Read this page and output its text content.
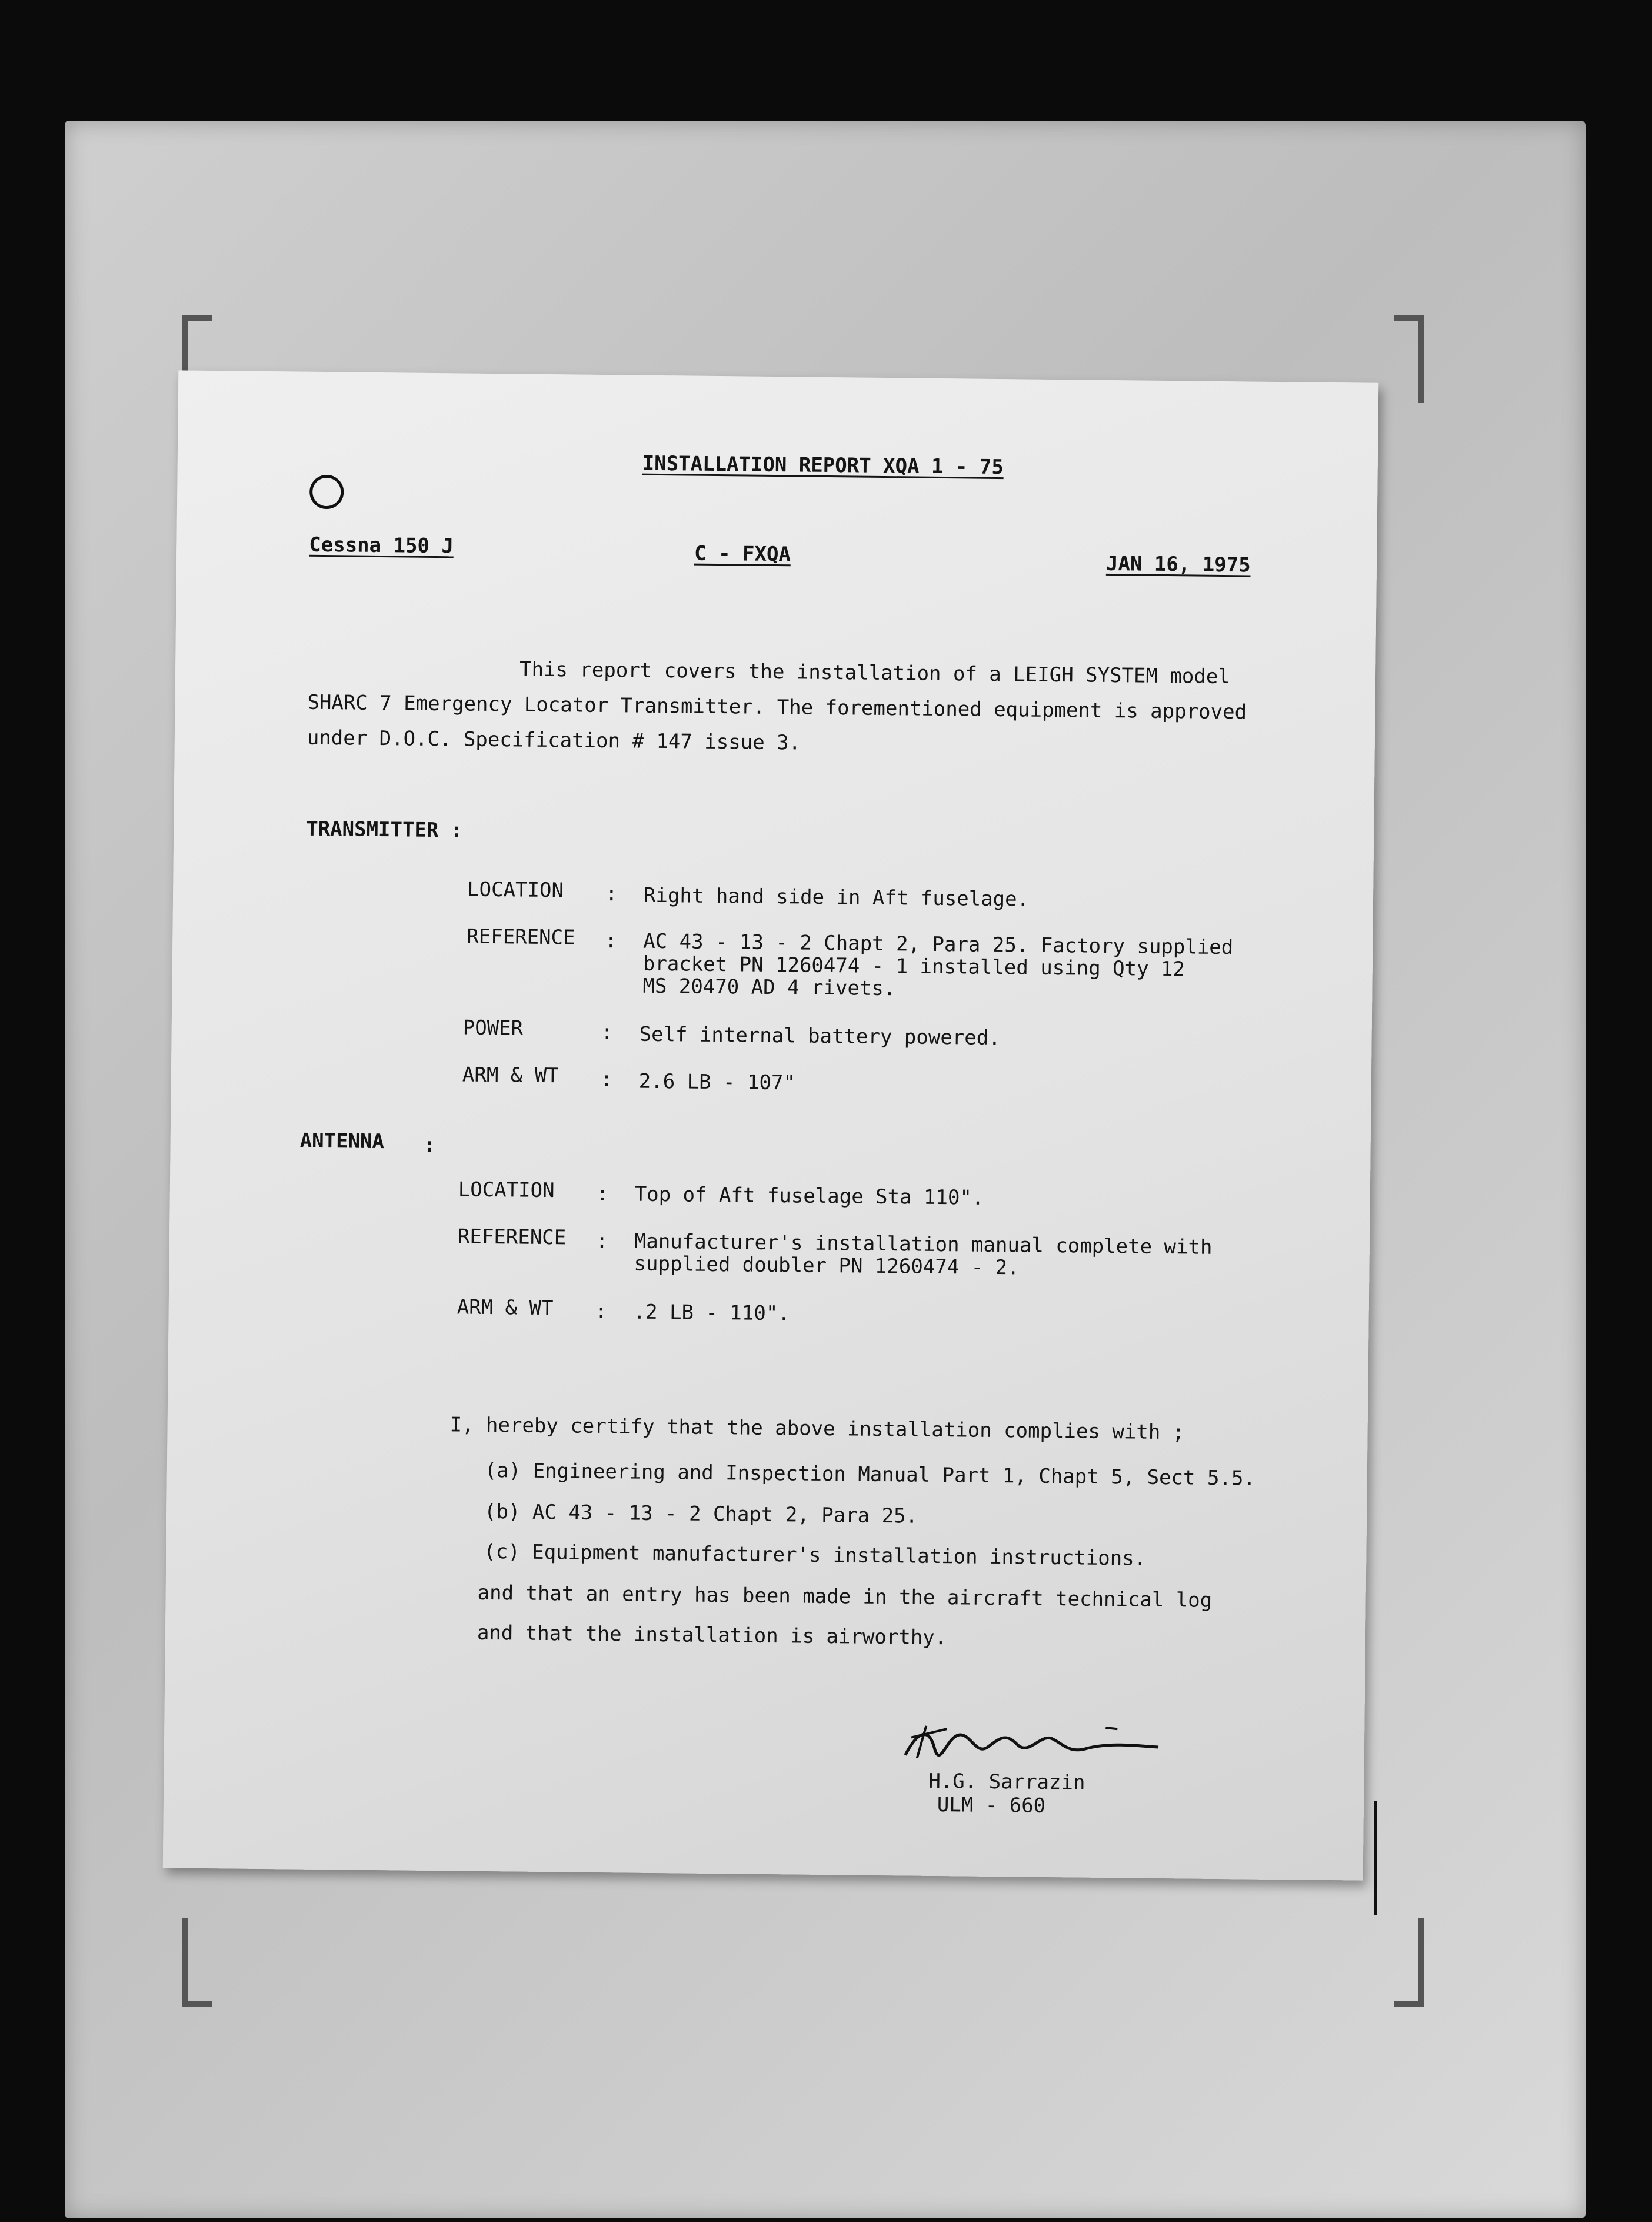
INSTALLATION REPORT XQA 1 - 75
Cessna 150 J	C - FXQA	JAN 16, 1975
This report covers the installation of a LEIGH SYSTEM model
SHARC 7 Emergency Locator Transmitter. The forementioned equipment is approved
under D.O.C. Specification # 147 issue 3.
TRANSMITTER :
LOCATION : Right hand side in Aft fuselage.
REFERENCE : AC 43 - 13 - 2 Chapt 2, Para 25. Factory supplied
bracket PN 1260474 - 1 installed using Qty 12
MS 20470 AD 4 rivets.
POWER	: Self internal battery powered.
ARM & WT : 2.6 LB - 107"
ANTENNA :
LOCATION : Top of Aft fuselage Sta 110".
REFERENCE : Manufacturer's installation manual complete with
supplied doubler PN 1260474 - 2.
ARM & WT : .2 LB - 110".
I, hereby certify that the above installation complies with ;
(a) Engineering and Inspection Manual Part 1, Chapt 5, Sect 5.5.
(b) AC 43 - 13 - 2 Chapt 2, Para 25.
(c) Equipment manufacturer's installation instructions.
and that an entry has been made in the aircraft technical log
and that the installation is airworthy.
H.G. Sarrazin
ULM - 660
